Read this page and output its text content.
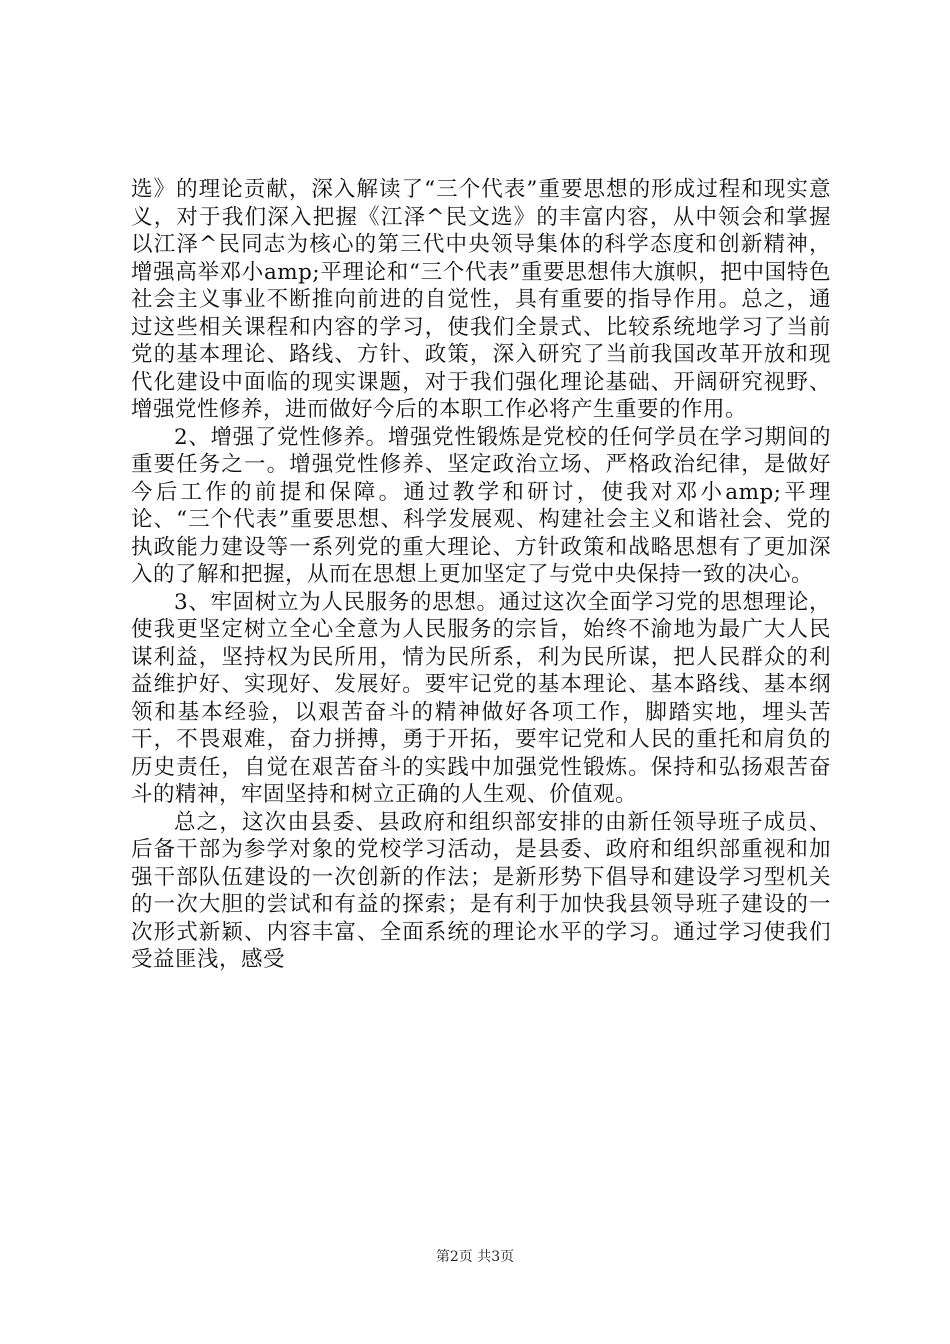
选》的理论贡献，深入解读了“三个代表”重要思想的形成过程和现实意义，对于我们深入把握《江泽^民文选》的丰富内容，从中领会和掌握以江泽^民同志为核心的第三代中央领导集体的科学态度和创新精神，增强高举邓小amp;平理论和“三个代表”重要思想伟大旗帜，把中国特色社会主义事业不断推向前进的自觉性，具有重要的指导作用。总之，通过这些相关课程和内容的学习，使我们全景式、比较系统地学习了当前党的基本理论、路线、方针、政策，深入研究了当前我国改革开放和现代化建设中面临的现实课题，对于我们强化理论基础、开阔研究视野、增强党性修养，进而做好今后的本职工作必将产生重要的作用。

2、增强了党性修养。增强党性锻炼是党校的任何学员在学习期间的重要任务之一。增强党性修养、坚定政治立场、严格政治纪律，是做好今后工作的前提和保障。通过教学和研讨，使我对邓小amp;平理论、“三个代表”重要思想、科学发展观、构建社会主义和谐社会、党的执政能力建设等一系列党的重大理论、方针政策和战略思想有了更加深入的了解和把握，从而在思想上更加坚定了与党中央保持一致的决心。

3、牢固树立为人民服务的思想。通过这次全面学习党的思想理论，使我更坚定树立全心全意为人民服务的宗旨，始终不渝地为最广大人民谋利益，坚持权为民所用，情为民所系，利为民所谋，把人民群众的利益维护好、实现好、发展好。要牢记党的基本理论、基本路线、基本纲领和基本经验，以艰苦奋斗的精神做好各项工作，脚踏实地，埋头苦干，不畏艰难，奋力拼搏，勇于开拓，要牢记党和人民的重托和肩负的历史责任，自觉在艰苦奋斗的实践中加强党性锻炼。保持和弘扬艰苦奋斗的精神，牢固坚持和树立正确的人生观、价值观。

总之，这次由县委、县政府和组织部安排的由新任领导班子成员、后备干部为参学对象的党校学习活动，是县委、政府和组织部重视和加强干部队伍建设的一次创新的作法；是新形势下倡导和建设学习型机关的一次大胆的尝试和有益的探索；是有利于加快我县领导班子建设的一次形式新颖、内容丰富、全面系统的理论水平的学习。通过学习使我们受益匪浅，感受

第2页 共3页
